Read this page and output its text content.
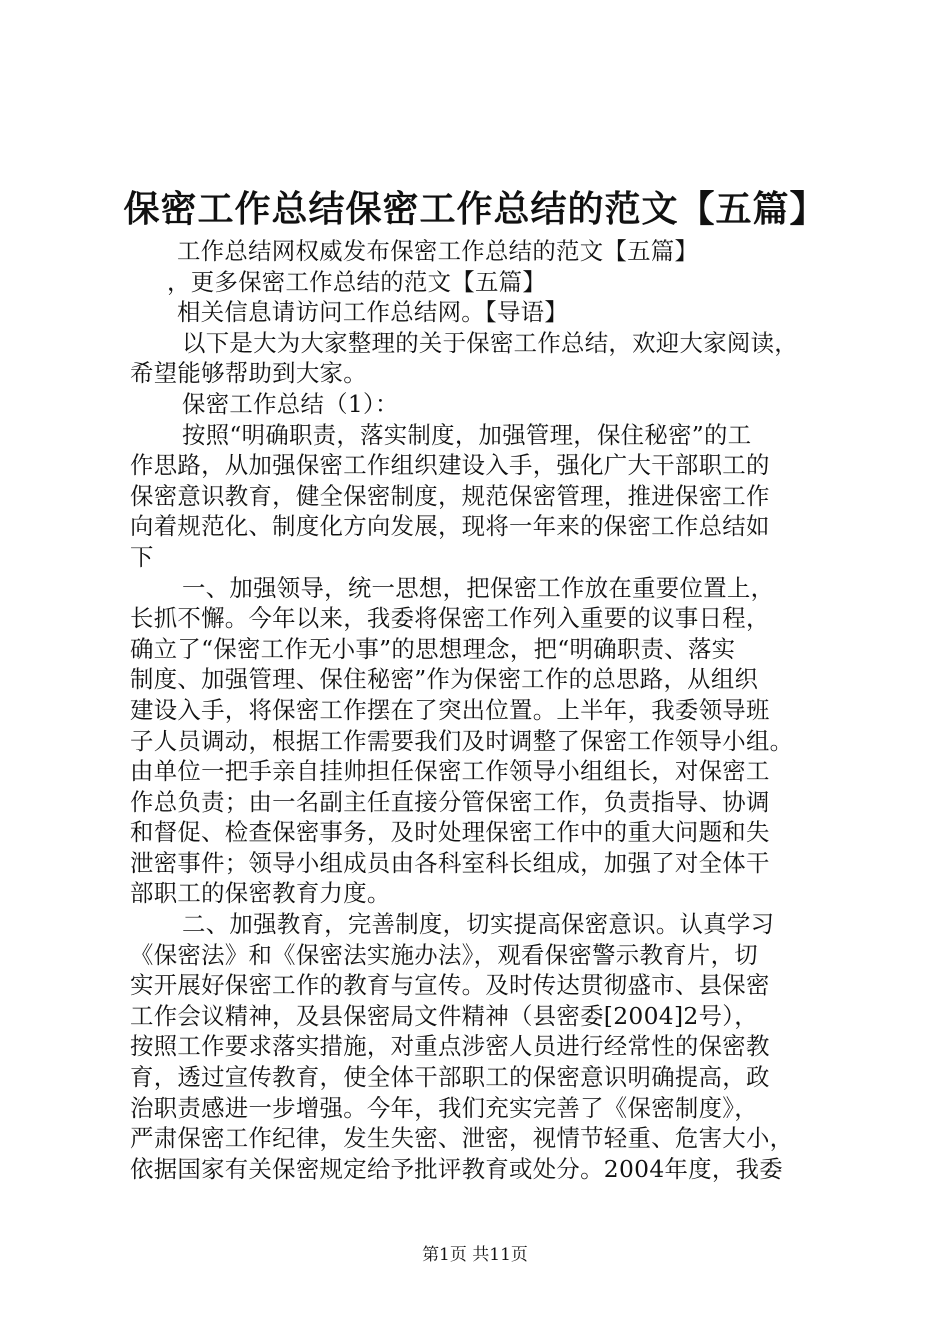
保密工作总结保密工作总结的范文【五篇】
工作总结网权威发布保密工作总结的范文【五篇】
，更多保密工作总结的范文【五篇】
相关信息请访问工作总结网。【导语】
以下是大为大家整理的关于保密工作总结，欢迎大家阅读，
希望能够帮助到大家。
保密工作总结（1）：
按照“明确职责，落实制度，加强管理，保住秘密”的工
作思路，从加强保密工作组织建设入手，强化广大干部职工的
保密意识教育，健全保密制度，规范保密管理，推进保密工作
向着规范化、制度化方向发展，现将一年来的保密工作总结如
下
一、加强领导，统一思想，把保密工作放在重要位置上，
长抓不懈。今年以来，我委将保密工作列入重要的议事日程，
确立了“保密工作无小事”的思想理念，把“明确职责、落实
制度、加强管理、保住秘密”作为保密工作的总思路，从组织
建设入手，将保密工作摆在了突出位置。上半年，我委领导班
子人员调动，根据工作需要我们及时调整了保密工作领导小组。
由单位一把手亲自挂帅担任保密工作领导小组组长，对保密工
作总负责；由一名副主任直接分管保密工作，负责指导、协调
和督促、检查保密事务，及时处理保密工作中的重大问题和失
泄密事件；领导小组成员由各科室科长组成，加强了对全体干
部职工的保密教育力度。
二、加强教育，完善制度，切实提高保密意识。认真学习
《保密法》和《保密法实施办法》，观看保密警示教育片，切
实开展好保密工作的教育与宣传。及时传达贯彻盛市、县保密
工作会议精神，及县保密局文件精神（县密委[2004]2号），
按照工作要求落实措施，对重点涉密人员进行经常性的保密教
育，透过宣传教育，使全体干部职工的保密意识明确提高，政
治职责感进一步增强。今年，我们充实完善了《保密制度》，
严肃保密工作纪律，发生失密、泄密，视情节轻重、危害大小，
依据国家有关保密规定给予批评教育或处分。2004年度，我委
第1页 共11页
